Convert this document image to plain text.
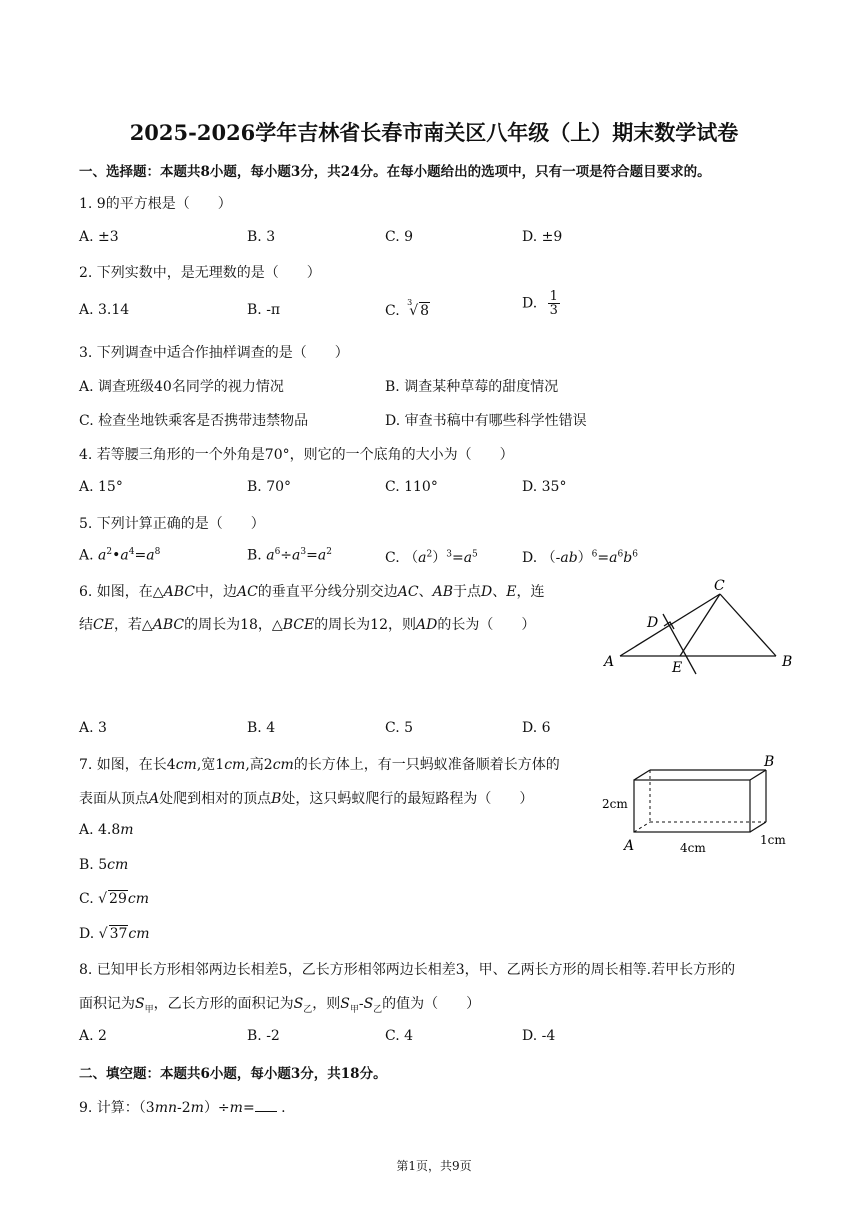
2025-2026学年吉林省长春市南关区八年级（上）期末数学试卷
一、选择题：本题共8小题，每小题3分，共24分。在每小题给出的选项中，只有一项是符合题目要求的。
1. 9的平方根是（　　）
A. ±3	B. 3	C. 9	D. ±9
2. 下列实数中，是无理数的是（　　）
A. 3.14	B. -π	C. $^3$√ 8	D. $\frac{1}{3}$
3. 下列调查中适合作抽样调查的是（　　）
A. 调查班级40名同学的视力情况	B. 调查某种草莓的甜度情况
C. 检查坐地铁乘客是否携带违禁物品	D. 审查书稿中有哪些科学性错误
4. 若等腰三角形的一个外角是70°，则它的一个底角的大小为（　　）
A. 15°	B. 70°	C. 110°	D. 35°
5. 下列计算正确的是（　　）
A. $a^2•a^4=a^8$	B. $a^6\div a^3=a^2$	C. $(a^2)^3=a^5$	D. $(-ab)^6=a^6b^6$
6. 如图，在△ABC中，边AC的垂直平分线分别交边AC、AB于点D、E，连
结CE，若△ABC的周长为18，△BCE的周长为12，则AD的长为（　　）
A	B
C
D
E
A. 3	B. 4	C. 5	D. 6
7. 如图，在长4cm,宽1cm,高2cm的长方体上，有一只蚂蚁准备顺着长方体的
表面从顶点A处爬到相对的顶点B处，这只蚂蚁爬行的最短路程为（　　）
A. 4.8m
B. 5cm
C. √ 29cm
D. √ 37cm
B
A
2cm
4cm
1cm
8. 已知甲长方形相邻两边长相差5，乙长方形相邻两边长相差3，甲、乙两长方形的周长相等.若甲长方形的
面积记为$S_甲$，乙长方形的面积记为$S_乙$，则$S_甲-S_乙$的值为（　　）
A. 2	B. -2	C. 4	D. -4
二、填空题：本题共6小题，每小题3分，共18分。
9. 计算：（3mn-2m）÷m= .
第1页，共9页
